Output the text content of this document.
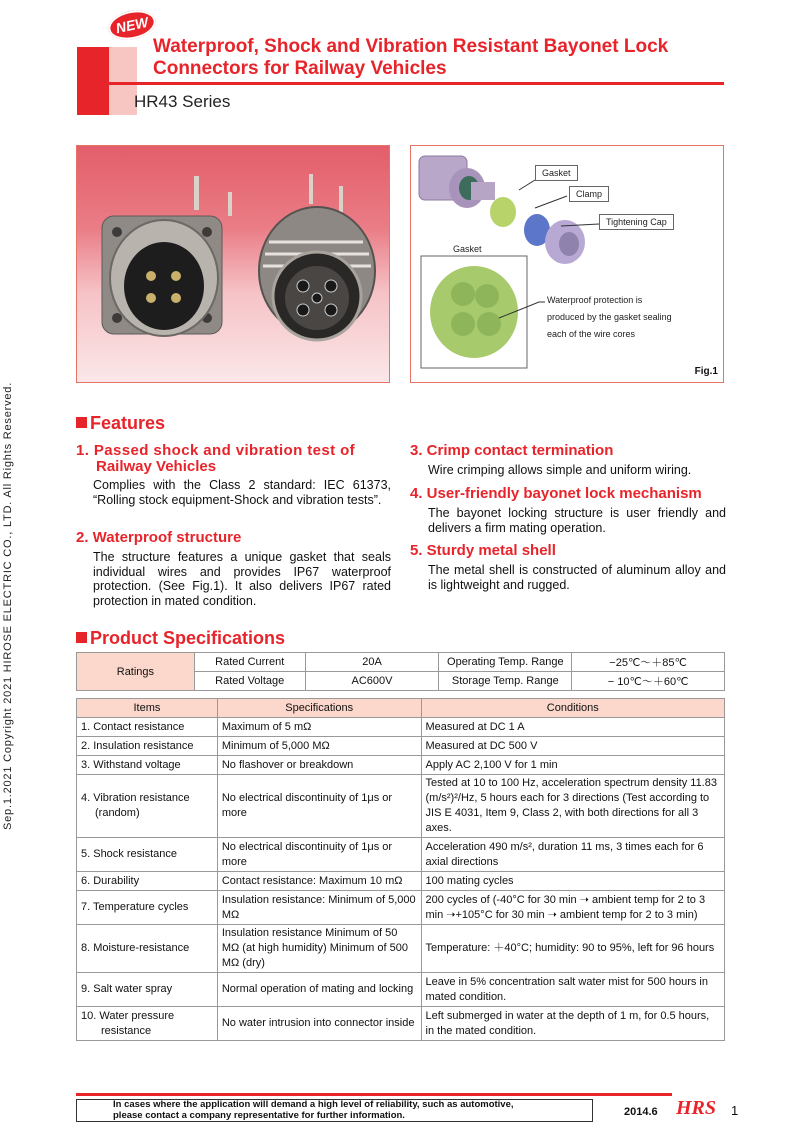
Sep.1.2021 Copyright 2021 HIROSE ELECTRIC CO., LTD. All Rights Reserved.
NEW
Waterproof, Shock and Vibration Resistant Bayonet Lock
Connectors for Railway Vehicles
HR43 Series
Gasket
Clamp
Tightening Cap
Gasket
Waterproof protection is
produced by the gasket sealing
each of the wire cores
Fig.1
Features
1. Passed shock and vibration test of
Railway Vehicles
Complies with the Class 2 standard: IEC 61373, “Rolling stock equipment-Shock and vibration tests”.
2. Waterproof structure
The structure features a unique gasket that seals individual wires and provides IP67 waterproof protection. (See Fig.1). It also delivers IP67 rated protection in mated condition.
3. Crimp contact termination
Wire crimping allows simple and uniform wiring.
4. User-friendly bayonet lock mechanism
The bayonet locking structure is user friendly and delivers a firm mating operation.
5. Sturdy metal shell
The metal shell is constructed of aluminum alloy and is lightweight and rugged.
Product Specifications
Ratings	Rated Current	20A	Operating Temp. Range	−25℃〜＋85℃
	Rated Voltage	AC600V	Storage Temp. Range	− 10℃〜＋60℃
Items	Specifications	Conditions
1. Contact resistance	Maximum of 5 mΩ	Measured at DC 1 A
2. Insulation resistance	Minimum of 5,000 MΩ	Measured at DC 500 V
3. Withstand voltage	No flashover or breakdown	Apply AC 2,100 V for 1 min

4. Vibration resistance
(random)	No electrical discontinuity of 1μs or more	Tested at 10 to 100 Hz, acceleration spectrum density 11.83 (m/s²)²/Hz, 5 hours each for 3 directions (Test according to JIS E 4031, Item 9, Class 2, with both directions for all 3 axes.
5. Shock resistance	No electrical discontinuity of 1μs or more	Acceleration 490 m/s², duration 11 ms, 3 times each for 6 axial directions
6. Durability	Contact resistance: Maximum 10 mΩ	100 mating cycles
7. Temperature cycles	Insulation resistance: Minimum of 5,000 MΩ	200 cycles of (-40°C for 30 min ➝ ambient temp for 2 to 3 min ➝+105°C for 30 min ➝ ambient temp for 2 to 3 min)
8. Moisture-resistance	Insulation resistance Minimum of 50 MΩ (at high humidity) Minimum of 500 MΩ (dry)	Temperature: ＋40°C; humidity: 90 to 95%, left for 96 hours
9. Salt water spray	Normal operation of mating and locking	Leave in 5% concentration salt water mist for 500 hours in mated condition.

10. Water pressure
resistance	No water intrusion into connector inside	Left submerged in water at the depth of 1 m, for 0.5 hours, in the mated condition.
In cases where the application will demand a high level of reliability, such as automotive,
please contact a company representative for further information.	2014.6 HRS 1
